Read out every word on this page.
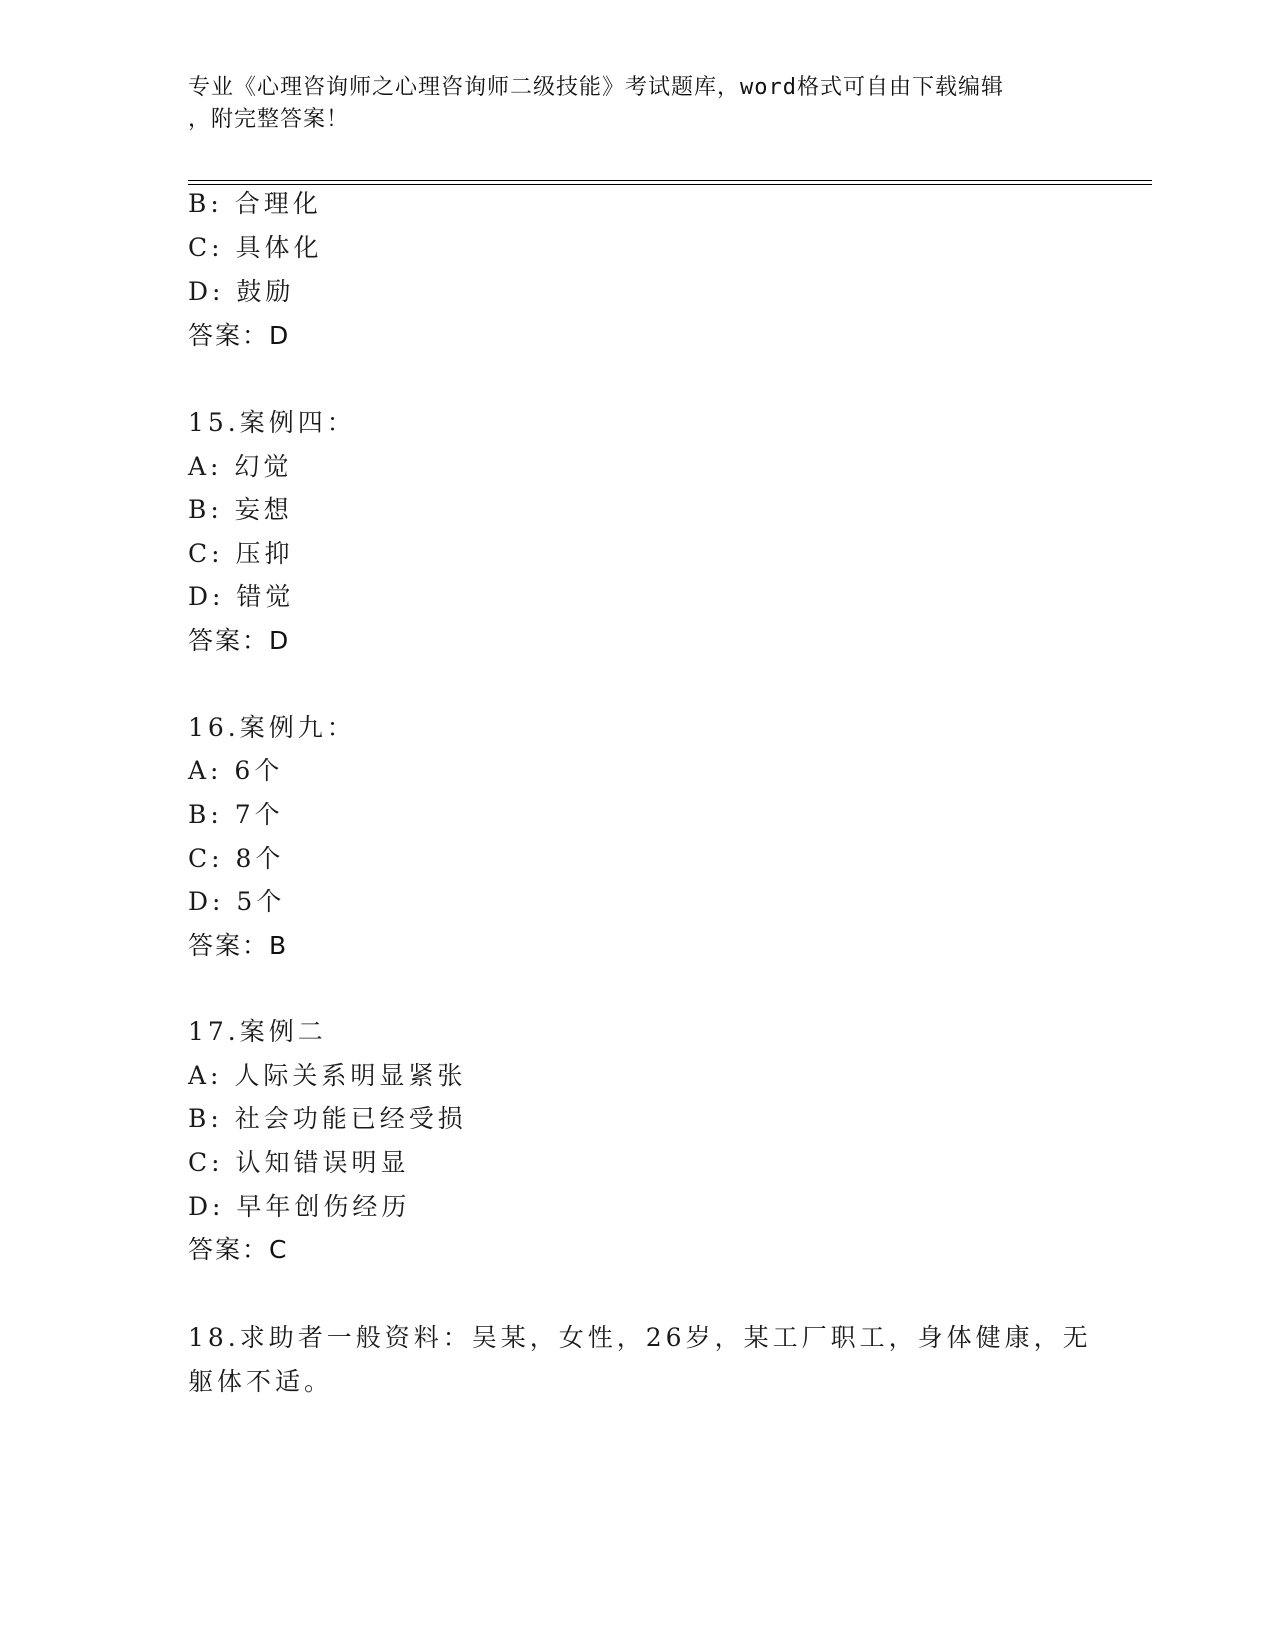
专业《心理咨询师之心理咨询师二级技能》考试题库，word格式可自由下载编辑
，附完整答案！
B: 合理化
C: 具体化
D: 鼓励
答案：D
15.案例四：
A: 幻觉
B: 妄想
C: 压抑
D: 错觉
答案：D
16.案例九：
A: 6个
B: 7个
C: 8个
D: 5个
答案：B
17.案例二
A: 人际关系明显紧张
B: 社会功能已经受损
C: 认知错误明显
D: 早年创伤经历
答案：C
18.求助者一般资料：吴某，女性，26岁，某工厂职工，身体健康，无
躯体不适。
